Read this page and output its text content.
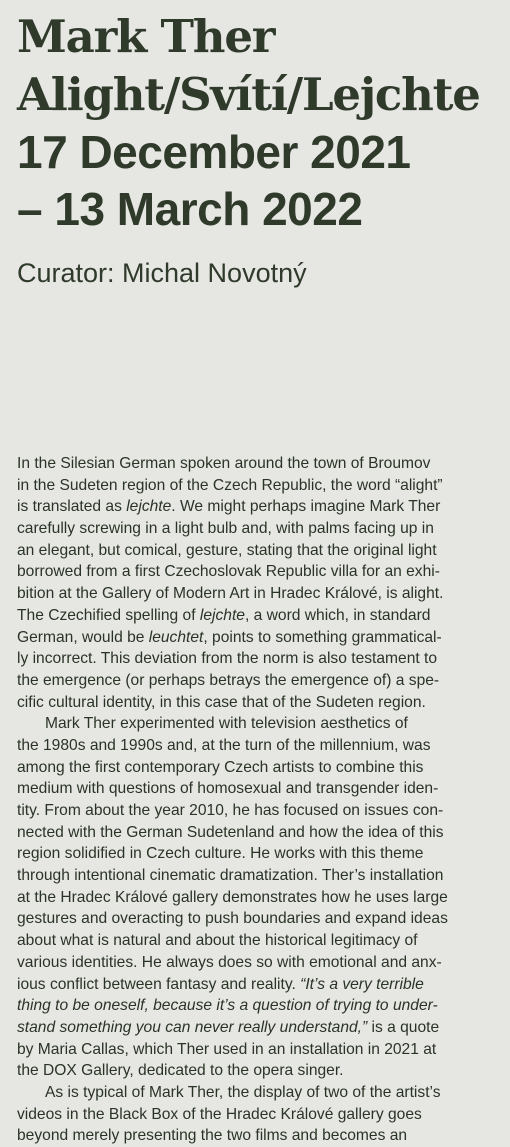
Mark Ther
Alight/Svítí/Lejchte
17 December 2021
– 13 March 2022
Curator: Michal Novotný
In the Silesian German spoken around the town of Broumov
in the Sudeten region of the Czech Republic, the word “alight”
is translated as lejchte. We might perhaps imagine Mark Ther
carefully screwing in a light bulb and, with palms facing up in
an elegant, but comical, gesture, stating that the original light
borrowed from a first Czechoslovak Republic villa for an exhi-
bition at the Gallery of Modern Art in Hradec Králové, is alight.
The Czechified spelling of lejchte, a word which, in standard
German, would be leuchtet, points to something grammatical-
ly incorrect. This deviation from the norm is also testament to
the emergence (or perhaps betrays the emergence of) a spe-
cific cultural identity, in this case that of the Sudeten region.
Mark Ther experimented with television aesthetics of
the 1980s and 1990s and, at the turn of the millennium, was
among the first contemporary Czech artists to combine this
medium with questions of homosexual and transgender iden-
tity. From about the year 2010, he has focused on issues con-
nected with the German Sudetenland and how the idea of this
region solidified in Czech culture. He works with this theme
through intentional cinematic dramatization. Ther’s installation
at the Hradec Králové gallery demonstrates how he uses large
gestures and overacting to push boundaries and expand ideas
about what is natural and about the historical legitimacy of
various identities. He always does so with emotional and anx-
ious conflict between fantasy and reality. “It’s a very terrible
thing to be oneself, because it’s a question of trying to under-
stand something you can never really understand,” is a quote
by Maria Callas, which Ther used in an installation in 2021 at
the DOX Gallery, dedicated to the opera singer.
As is typical of Mark Ther, the display of two of the artist’s
videos in the Black Box of the Hradec Králové gallery goes
beyond merely presenting the two films and becomes an
